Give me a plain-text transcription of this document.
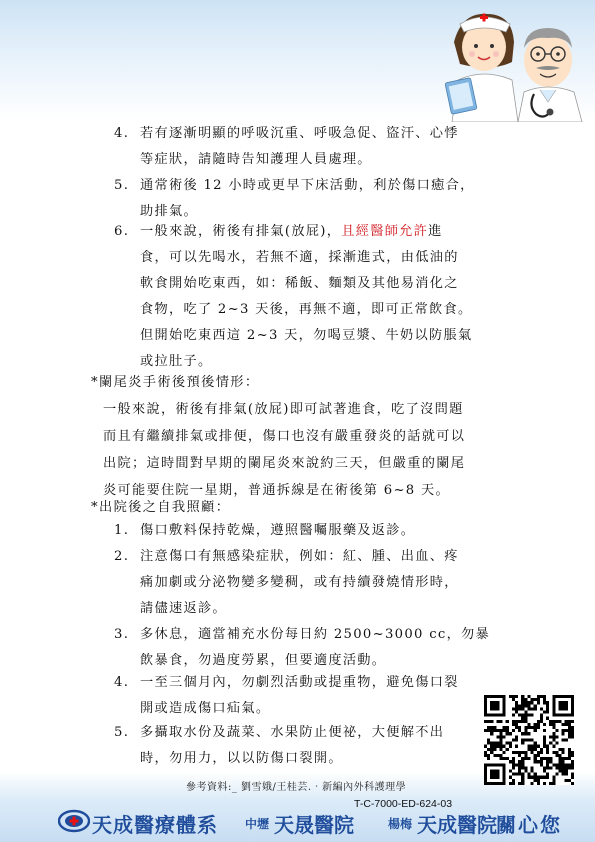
4. 若有逐漸明顯的呼吸沉重、呼吸急促、盜汗、心悸
等症狀，請隨時告知護理人員處理。
5. 通常術後 12 小時或更早下床活動，利於傷口癒合，
助排氣。
6. 一般來說，術後有排氣(放屁)，且經醫師允許進
食，可以先喝水，若無不適，採漸進式，由低油的
軟食開始吃東西，如：稀飯、麵類及其他易消化之
食物，吃了 2~3 天後，再無不適，即可正常飲食。
但開始吃東西這 2~3 天，勿喝豆漿、牛奶以防脹氣
或拉肚子。
*闌尾炎手術後預後情形：
一般來說，術後有排氣(放屁)即可試著進食，吃了沒問題
而且有繼續排氣或排便，傷口也沒有嚴重發炎的話就可以
出院；這時間對早期的闌尾炎來說約三天，但嚴重的闌尾
炎可能要住院一星期，普通拆線是在術後第 6~8 天。
*出院後之自我照顧：
1. 傷口敷料保持乾燥，遵照醫囑服藥及返診。
2. 注意傷口有無感染症狀，例如：紅、腫、出血、疼
痛加劇或分泌物變多變稠，或有持續發燒情形時，
請儘速返診。
3. 多休息，適當補充水份每日約 2500~3000 cc，勿暴
飲暴食，勿過度勞累，但要適度活動。
4. 一至三個月內，勿劇烈活動或提重物，避免傷口裂
開或造成傷口疝氣。
5. 多攝取水份及蔬菜、水果防止便祕，大便解不出
時，勿用力，以以防傷口裂開。
參考資料:_ 劉雪娥/王桂芸.‧新編內外科護理學
T-C-7000-ED-624-03
天成醫療體系 中壢 天晟醫院	楊梅 天成醫院 關心您
